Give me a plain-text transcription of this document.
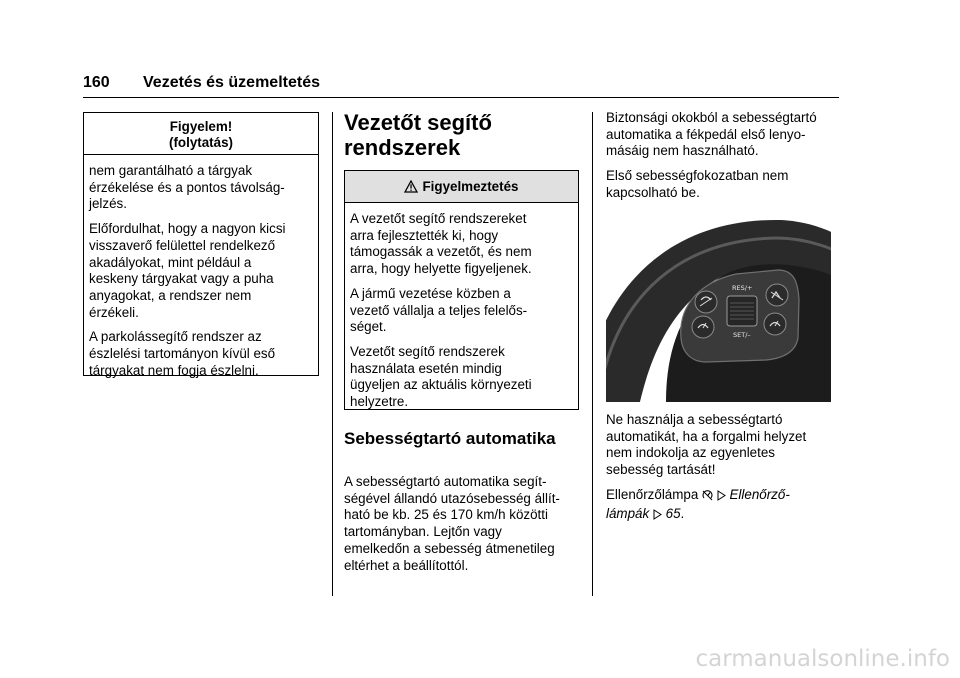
160 Vezetés és üzemeltetés
Figyelem!
(folytatás)

nem garantálható a tárgyak
érzékelése és a pontos távolság-
jelzés.

Előfordulhat, hogy a nagyon kicsi
visszaverő felülettel rendelkező
akadályokat, mint például a
keskeny tárgyakat vagy a puha
anyagokat, a rendszer nem
érzékeli.

A parkolássegítő rendszer az
észlelési tartományon kívül eső
tárgyakat nem fogja észlelni.

Vezetőt segítő
rendszerek
Figyelmeztetés

A vezetőt segítő rendszereket
arra fejlesztették ki, hogy
támogassák a vezetőt, és nem
arra, hogy helyette figyeljenek.

A jármű vezetése közben a
vezető vállalja a teljes felelős-
séget.

Vezetőt segítő rendszerek
használata esetén mindig
ügyeljen az aktuális környezeti
helyzetre.

Sebességtartó automatika
A sebességtartó automatika segít-
ségével állandó utazósebesség állít-
ható be kb. 25 és 170 km/h közötti
tartományban. Lejtőn vagy
emelkedőn a sebesség átmenetileg
eltérhet a beállítottól.

Biztonsági okokból a sebességtartó
automatika a fékpedál első lenyo-
másáig nem használható.

Első sebességfokozatban nem
kapcsolható be.

RES/+
SET/–

Ne használja a sebességtartó
automatikát, ha a forgalmi helyzet
nem indokolja az egyenletes
sebesség tartását!

Ellenőrzőlámpa Ellenőrző-
lámpák 65.

carmanualsonline.info
